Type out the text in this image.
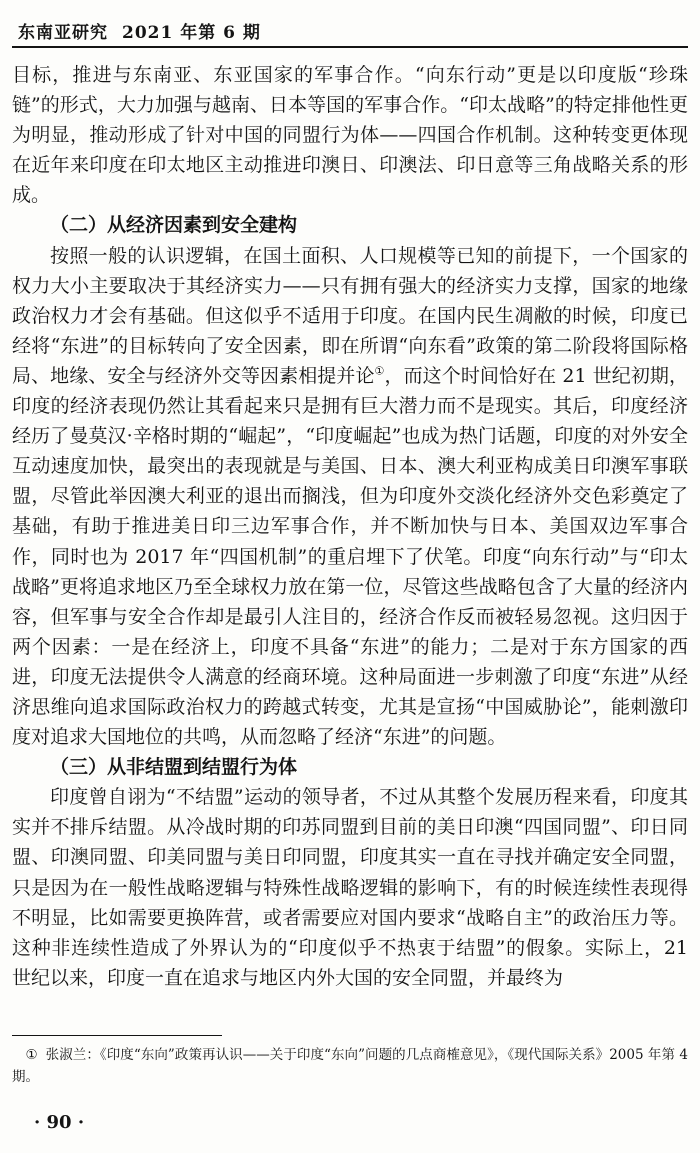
东南亚研究 2021 年第 6 期

目标，推进与东南亚、东亚国家的军事合作。“向东行动”更是以印度版“珍珠链”的形式，大力加强与越南、日本等国的军事合作。“印太战略”的特定排他性更为明显，推动形成了针对中国的同盟行为体——四国合作机制。这种转变更体现在近年来印度在印太地区主动推进印澳日、印澳法、印日意等三角战略关系的形成。

（二）从经济因素到安全建构

按照一般的认识逻辑，在国土面积、人口规模等已知的前提下，一个国家的权力大小主要取决于其经济实力——只有拥有强大的经济实力支撑，国家的地缘政治权力才会有基础。但这似乎不适用于印度。在国内民生凋敝的时候，印度已经将“东进”的目标转向了安全因素，即在所谓“向东看”政策的第二阶段将国际格局、地缘、安全与经济外交等因素相提并论①，而这个时间恰好在 21 世纪初期，印度的经济表现仍然让其看起来只是拥有巨大潜力而不是现实。其后，印度经济经历了曼莫汉·辛格时期的“崛起”，“印度崛起”也成为热门话题，印度的对外安全互动速度加快，最突出的表现就是与美国、日本、澳大利亚构成美日印澳军事联盟，尽管此举因澳大利亚的退出而搁浅，但为印度外交淡化经济外交色彩奠定了基础，有助于推进美日印三边军事合作，并不断加快与日本、美国双边军事合作，同时也为 2017 年“四国机制”的重启埋下了伏笔。印度“向东行动”与“印太战略”更将追求地区乃至全球权力放在第一位，尽管这些战略包含了大量的经济内容，但军事与安全合作却是最引人注目的，经济合作反而被轻易忽视。这归因于两个因素：一是在经济上，印度不具备“东进”的能力；二是对于东方国家的西进，印度无法提供令人满意的经商环境。这种局面进一步刺激了印度“东进”从经济思维向追求国际政治权力的跨越式转变，尤其是宣扬“中国威胁论”，能刺激印度对追求大国地位的共鸣，从而忽略了经济“东进”的问题。

（三）从非结盟到结盟行为体

印度曾自诩为“不结盟”运动的领导者，不过从其整个发展历程来看，印度其实并不排斥结盟。从冷战时期的印苏同盟到目前的美日印澳“四国同盟”、印日同盟、印澳同盟、印美同盟与美日印同盟，印度其实一直在寻找并确定安全同盟，只是因为在一般性战略逻辑与特殊性战略逻辑的影响下，有的时候连续性表现得不明显，比如需要更换阵营，或者需要应对国内要求“战略自主”的政治压力等。这种非连续性造成了外界认为的“印度似乎不热衷于结盟”的假象。实际上，21 世纪以来，印度一直在追求与地区内外大国的安全同盟，并最终为

① 张淑兰：《印度“东向”政策再认识——关于印度“东向”问题的几点商榷意见》，《现代国际关系》2005 年第 4 期。
· 90 ·
